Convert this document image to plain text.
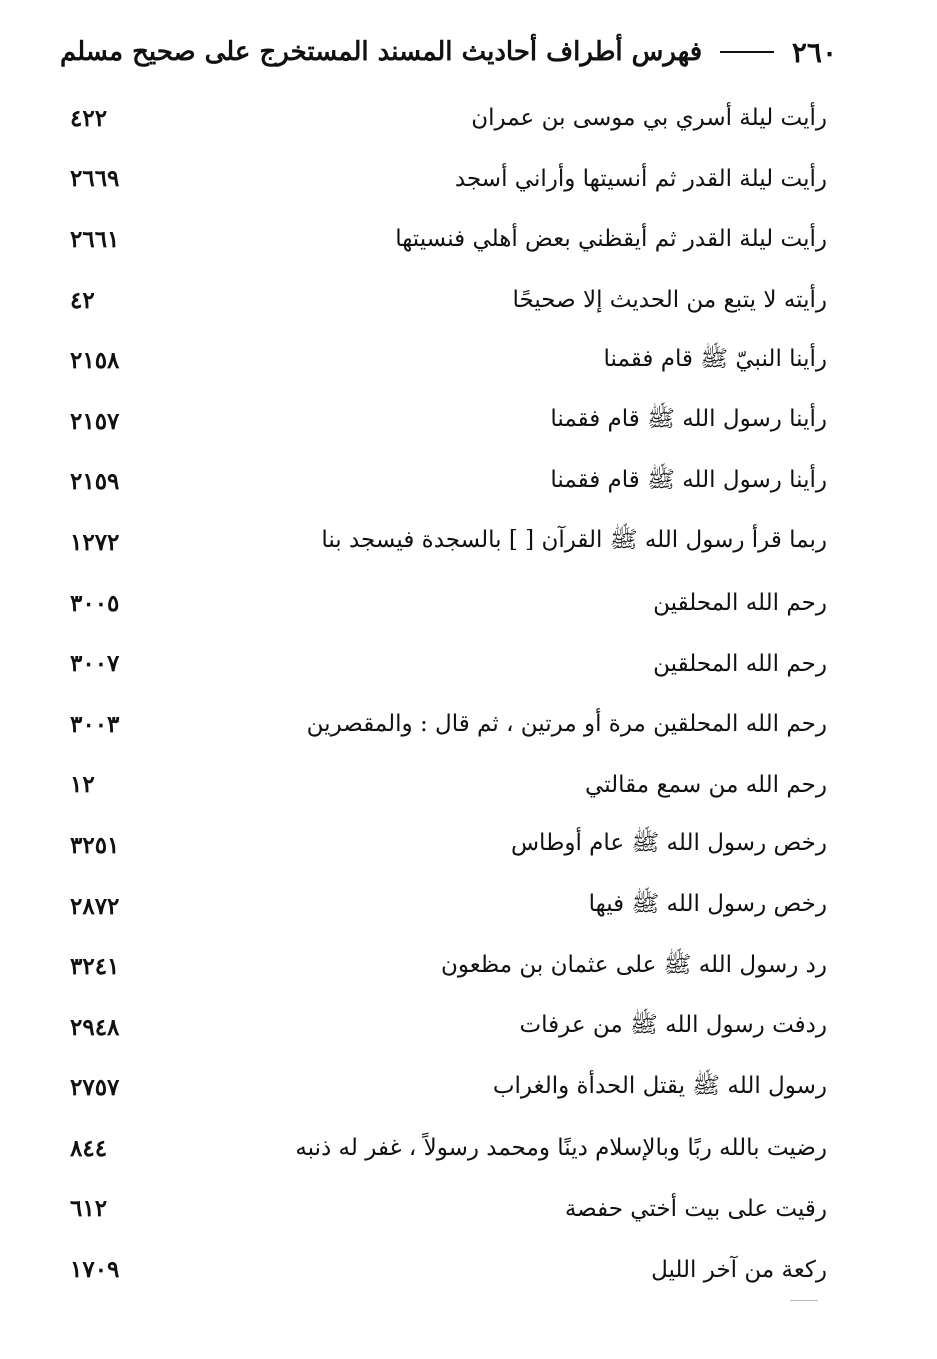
٢٦٠
فهرس أطراف أحاديث المسند المستخرج على صحيح مسلم
٤٢٢	رأيت ليلة أسري بي موسى بن عمران
٢٦٦٩	رأيت ليلة القدر ثم أنسيتها وأراني أسجد
٢٦٦١	رأيت ليلة القدر ثم أيقظني بعض أهلي فنسيتها
٤٢	رأيته لا يتبع من الحديث إلا صحيحًا
٢١٥٨	رأينا النبيّ ﷺ قام فقمنا
٢١٥٧	رأينا رسول الله ﷺ قام فقمنا
٢١٥٩	رأينا رسول الله ﷺ قام فقمنا
١٢٧٢	ربما قرأ رسول الله ﷺ القرآن [ ] بالسجدة فيسجد بنا
٣٠٠٥	رحم الله المحلقين
٣٠٠٧	رحم الله المحلقين
٣٠٠٣	رحم الله المحلقين مرة أو مرتين ، ثم قال : والمقصرين
١٢	رحم الله من سمع مقالتي
٣٢٥١	رخص رسول الله ﷺ عام أوطاس
٢٨٧٢	رخص رسول الله ﷺ فيها
٣٢٤١	رد رسول الله ﷺ على عثمان بن مظعون
٢٩٤٨	ردفت رسول الله ﷺ من عرفات
٢٧٥٧	رسول الله ﷺ يقتل الحدأة والغراب
٨٤٤	رضيت بالله ربًا وبالإسلام دينًا ومحمد رسولاً ، غفر له ذنبه
٦١٢	رقيت على بيت أختي حفصة
١٧٠٩	ركعة من آخر الليل
